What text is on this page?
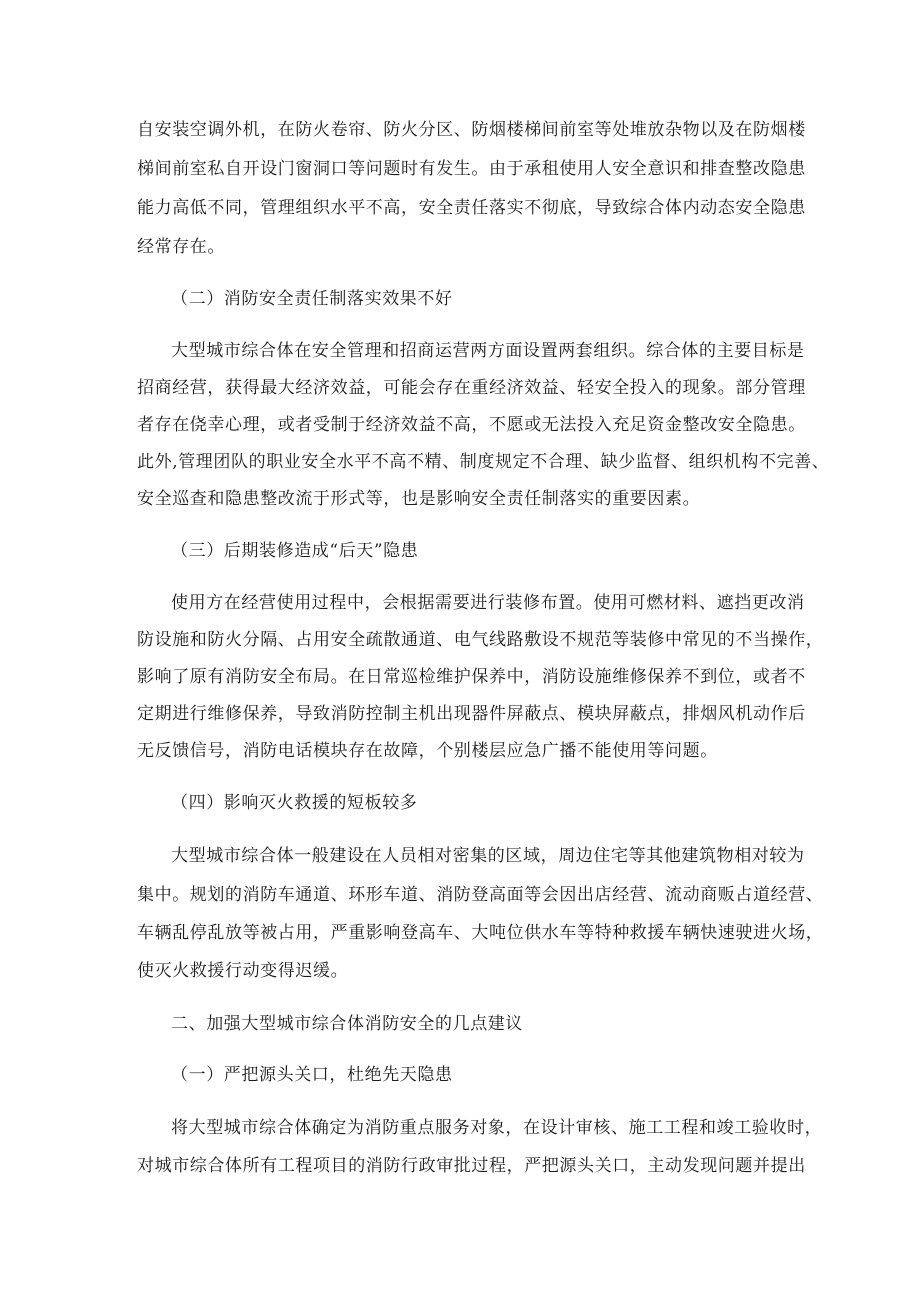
自安装空调外机，在防火卷帘、防火分区、防烟楼梯间前室等处堆放杂物以及在防烟楼
梯间前室私自开设门窗洞口等问题时有发生。由于承租使用人安全意识和排查整改隐患
能力高低不同，管理组织水平不高，安全责任落实不彻底，导致综合体内动态安全隐患
经常存在。
（二）消防安全责任制落实效果不好
大型城市综合体在安全管理和招商运营两方面设置两套组织。综合体的主要目标是
招商经营，获得最大经济效益，可能会存在重经济效益、轻安全投入的现象。部分管理
者存在侥幸心理，或者受制于经济效益不高，不愿或无法投入充足资金整改安全隐患。
此外,管理团队的职业安全水平不高不精、制度规定不合理、缺少监督、组织机构不完善、
安全巡查和隐患整改流于形式等，也是影响安全责任制落实的重要因素。
（三）后期装修造成“后天”隐患
使用方在经营使用过程中，会根据需要进行装修布置。使用可燃材料、遮挡更改消
防设施和防火分隔、占用安全疏散通道、电气线路敷设不规范等装修中常见的不当操作，
影响了原有消防安全布局。在日常巡检维护保养中，消防设施维修保养不到位，或者不
定期进行维修保养，导致消防控制主机出现器件屏蔽点、模块屏蔽点，排烟风机动作后
无反馈信号，消防电话模块存在故障，个别楼层应急广播不能使用等问题。
（四）影响灭火救援的短板较多
大型城市综合体一般建设在人员相对密集的区域，周边住宅等其他建筑物相对较为
集中。规划的消防车通道、环形车道、消防登高面等会因出店经营、流动商贩占道经营、
车辆乱停乱放等被占用，严重影响登高车、大吨位供水车等特种救援车辆快速驶进火场，
使灭火救援行动变得迟缓。
二、加强大型城市综合体消防安全的几点建议
（一）严把源头关口，杜绝先天隐患
将大型城市综合体确定为消防重点服务对象，在设计审核、施工工程和竣工验收时，
对城市综合体所有工程项目的消防行政审批过程，严把源头关口，主动发现问题并提出
